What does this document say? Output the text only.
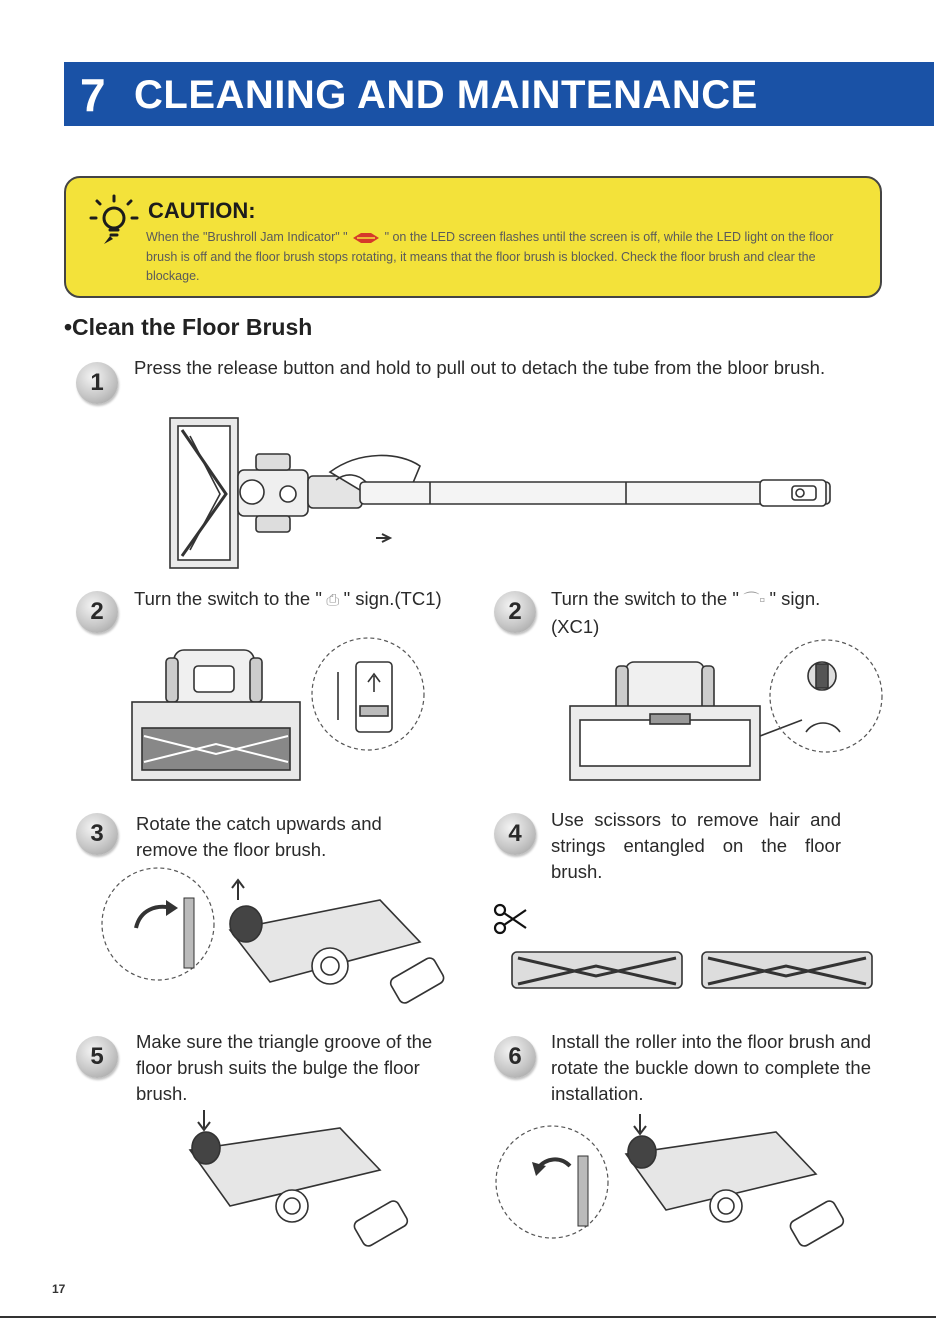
7 CLEANING AND MAINTENANCE
CAUTION:
When the "Brushroll Jam Indicator" "	" on the LED screen flashes until the screen is off, while the LED light on the floor brush is off and the floor brush stops rotating, it means that the floor brush is blocked. Check the floor brush and clear the blockage.
•Clean the Floor Brush
1
Press the release button and hold to pull out to detach the tube from the bloor brush.
2	Turn the switch to the " ⎙ " sign.(TC1)	2	Turn the switch to the " ⌒▫ " sign.(XC1)
3	Rotate the catch upwards and remove the floor brush.
4
Use scissors to remove hair and strings entangled on the floor brush.
5
Make sure the triangle groove of the floor brush suits the bulge the floor brush.
6
Install the roller into the floor brush and rotate the buckle down to complete the installation.
17
